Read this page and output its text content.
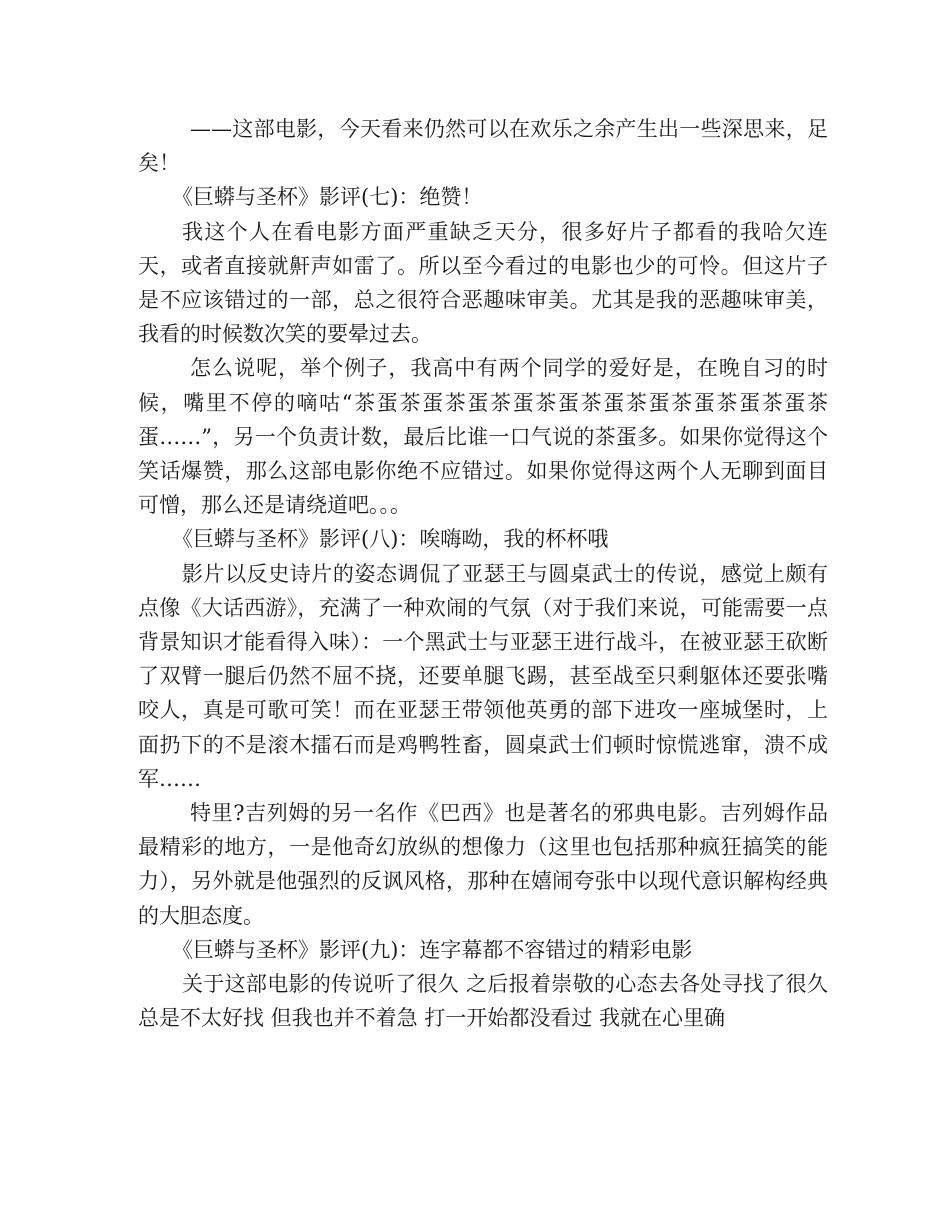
——这部电影，今天看来仍然可以在欢乐之余产生出一些深思来，足矣！

《巨蟒与圣杯》影评(七)：绝赞！

我这个人在看电影方面严重缺乏天分，很多好片子都看的我哈欠连天，或者直接就鼾声如雷了。所以至今看过的电影也少的可怜。但这片子是不应该错过的一部，总之很符合恶趣味审美。尤其是我的恶趣味审美，我看的时候数次笑的要晕过去。

怎么说呢，举个例子，我高中有两个同学的爱好是，在晚自习的时候，嘴里不停的嘀咕“茶蛋茶蛋茶蛋茶蛋茶蛋茶蛋茶蛋茶蛋茶蛋茶蛋茶蛋……”，另一个负责计数，最后比谁一口气说的茶蛋多。如果你觉得这个笑话爆赞，那么这部电影你绝不应错过。如果你觉得这两个人无聊到面目可憎，那么还是请绕道吧。。。

《巨蟒与圣杯》影评(八)：唉嗨呦，我的杯杯哦

影片以反史诗片的姿态调侃了亚瑟王与圆桌武士的传说，感觉上颇有点像《大话西游》，充满了一种欢闹的气氛（对于我们来说，可能需要一点背景知识才能看得入味）：一个黑武士与亚瑟王进行战斗，在被亚瑟王砍断了双臂一腿后仍然不屈不挠，还要单腿飞踢，甚至战至只剩躯体还要张嘴咬人，真是可歌可笑！而在亚瑟王带领他英勇的部下进攻一座城堡时，上面扔下的不是滚木擂石而是鸡鸭牲畜，圆桌武士们顿时惊慌逃窜，溃不成军……

特里?吉列姆的另一名作《巴西》也是著名的邪典电影。吉列姆作品最精彩的地方，一是他奇幻放纵的想像力（这里也包括那种疯狂搞笑的能力），另外就是他强烈的反讽风格，那种在嬉闹夸张中以现代意识解构经典的大胆态度。

《巨蟒与圣杯》影评(九)：连字幕都不容错过的精彩电影

关于这部电影的传说听了很久 之后报着崇敬的心态去各处寻找了很久 总是不太好找 但我也并不着急 打一开始都没看过 我就在心里确
